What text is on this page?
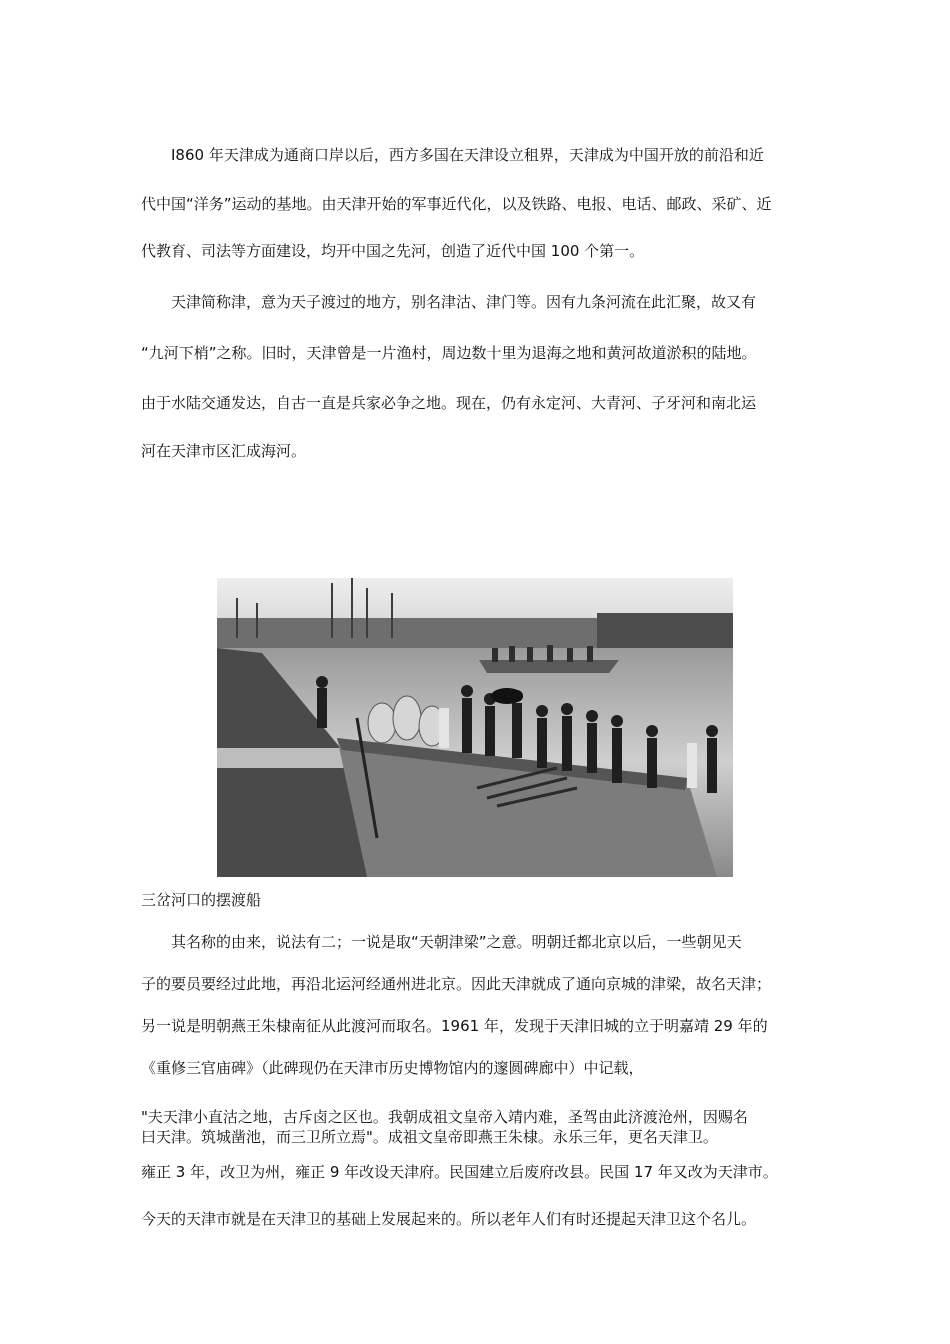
　　I860 年天津成为通商口岸以后，西方多国在天津设立租界，天津成为中国开放的前沿和近

代中国“洋务”运动的基地。由天津开始的军事近代化，以及铁路、电报、电话、邮政、采矿、近

代教育、司法等方面建设，均开中国之先河，创造了近代中国 100 个第一。

　　天津简称津，意为天子渡过的地方，别名津沽、津门等。因有九条河流在此汇聚，故又有

“九河下梢”之称。旧时，天津曾是一片渔村，周边数十里为退海之地和黄河故道淤积的陆地。

由于水陆交通发达，自古一直是兵家必争之地。现在，仍有永定河、大青河、子牙河和南北运

河在天津市区汇成海河。

三岔河口的摆渡船

　　其名称的由来，说法有二；一说是取“天朝津梁”之意。明朝迁都北京以后，一些朝见天

子的要员要经过此地，再沿北运河经通州进北京。因此天津就成了通向京城的津梁，故名天津；

另一说是明朝燕王朱棣南征从此渡河而取名。1961 年，发现于天津旧城的立于明嘉靖 29 年的

《重修三官庙碑》（此碑现仍在天津市历史博物馆内的邃圆碑廊中）中记载，

"夫天津小直沽之地，古斥卤之区也。我朝成祖文皇帝入靖内难，圣驾由此济渡沧州，因赐名

曰天津。筑城凿池，而三卫所立焉"。成祖文皇帝即燕王朱棣。永乐三年，更名天津卫。

雍正 3 年，改卫为州，雍正 9 年改设天津府。民国建立后废府改县。民国 17 年又改为天津市。

今天的天津市就是在天津卫的基础上发展起来的。所以老年人们有时还提起天津卫这个名儿。
